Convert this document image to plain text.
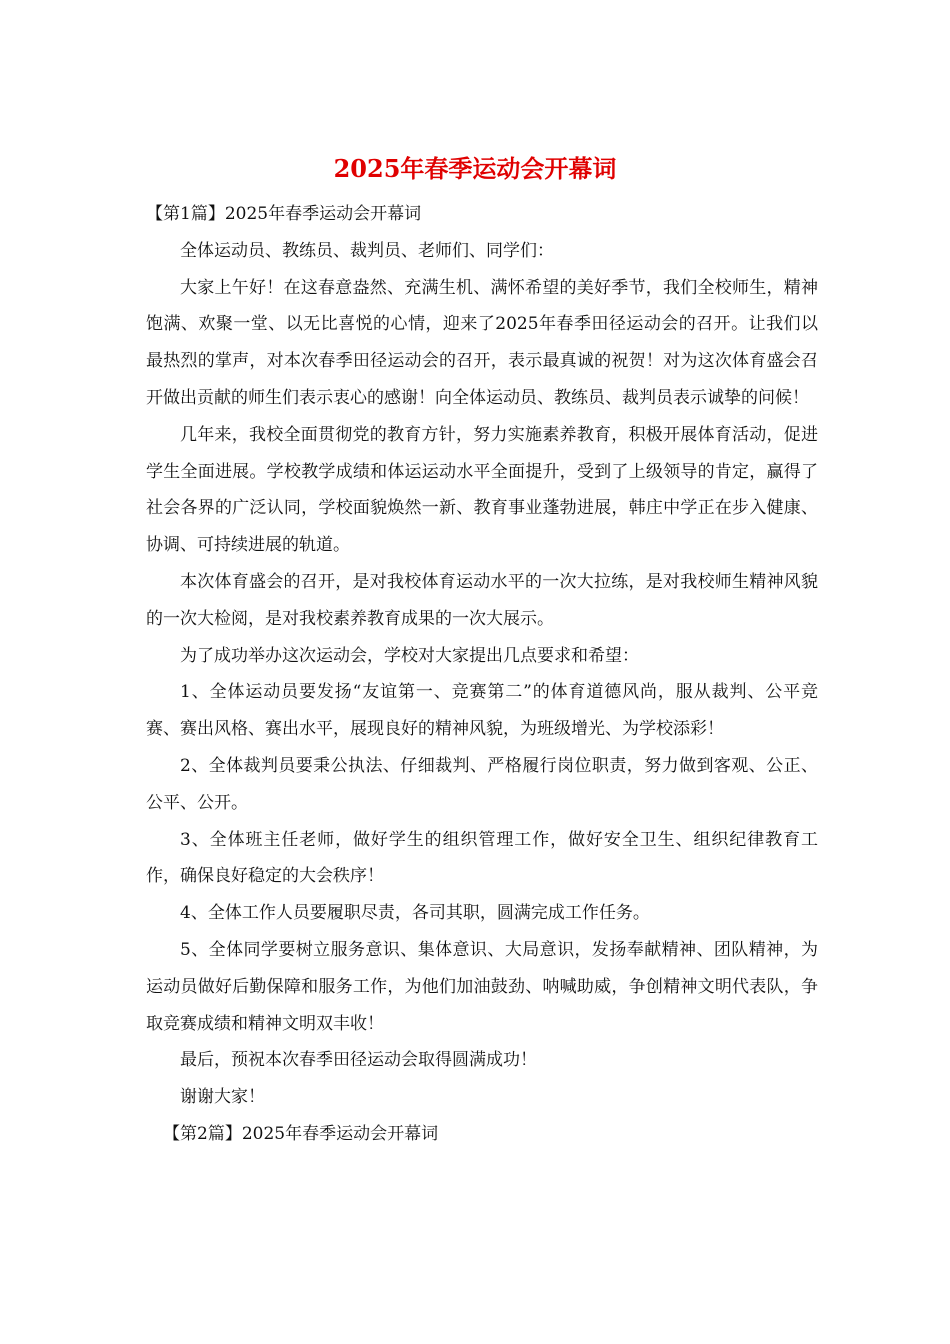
2025年春季运动会开幕词

【第1篇】2025年春季运动会开幕词

全体运动员、教练员、裁判员、老师们、同学们：

大家上午好！在这春意盎然、充满生机、满怀希望的美好季节，我们全校师生，精神饱满、欢聚一堂、以无比喜悦的心情，迎来了2025年春季田径运动会的召开。让我们以最热烈的掌声，对本次春季田径运动会的召开，表示最真诚的祝贺！对为这次体育盛会召开做出贡献的师生们表示衷心的感谢！向全体运动员、教练员、裁判员表示诚挚的问候！

几年来，我校全面贯彻党的教育方针，努力实施素养教育，积极开展体育活动，促进学生全面进展。学校教学成绩和体运运动水平全面提升，受到了上级领导的肯定，赢得了社会各界的广泛认同，学校面貌焕然一新、教育事业蓬勃进展，韩庄中学正在步入健康、协调、可持续进展的轨道。

本次体育盛会的召开，是对我校体育运动水平的一次大拉练，是对我校师生精神风貌的一次大检阅，是对我校素养教育成果的一次大展示。

为了成功举办这次运动会，学校对大家提出几点要求和希望：

1、全体运动员要发扬“友谊第一、竞赛第二”的体育道德风尚，服从裁判、公平竞赛、赛出风格、赛出水平，展现良好的精神风貌，为班级增光、为学校添彩！

2、全体裁判员要秉公执法、仔细裁判、严格履行岗位职责，努力做到客观、公正、公平、公开。

3、全体班主任老师，做好学生的组织管理工作，做好安全卫生、组织纪律教育工作，确保良好稳定的大会秩序！

4、全体工作人员要履职尽责，各司其职，圆满完成工作任务。

5、全体同学要树立服务意识、集体意识、大局意识，发扬奉献精神、团队精神，为运动员做好后勤保障和服务工作，为他们加油鼓劲、呐喊助威，争创精神文明代表队，争取竞赛成绩和精神文明双丰收！

最后，预祝本次春季田径运动会取得圆满成功！

谢谢大家！

【第2篇】2025年春季运动会开幕词
